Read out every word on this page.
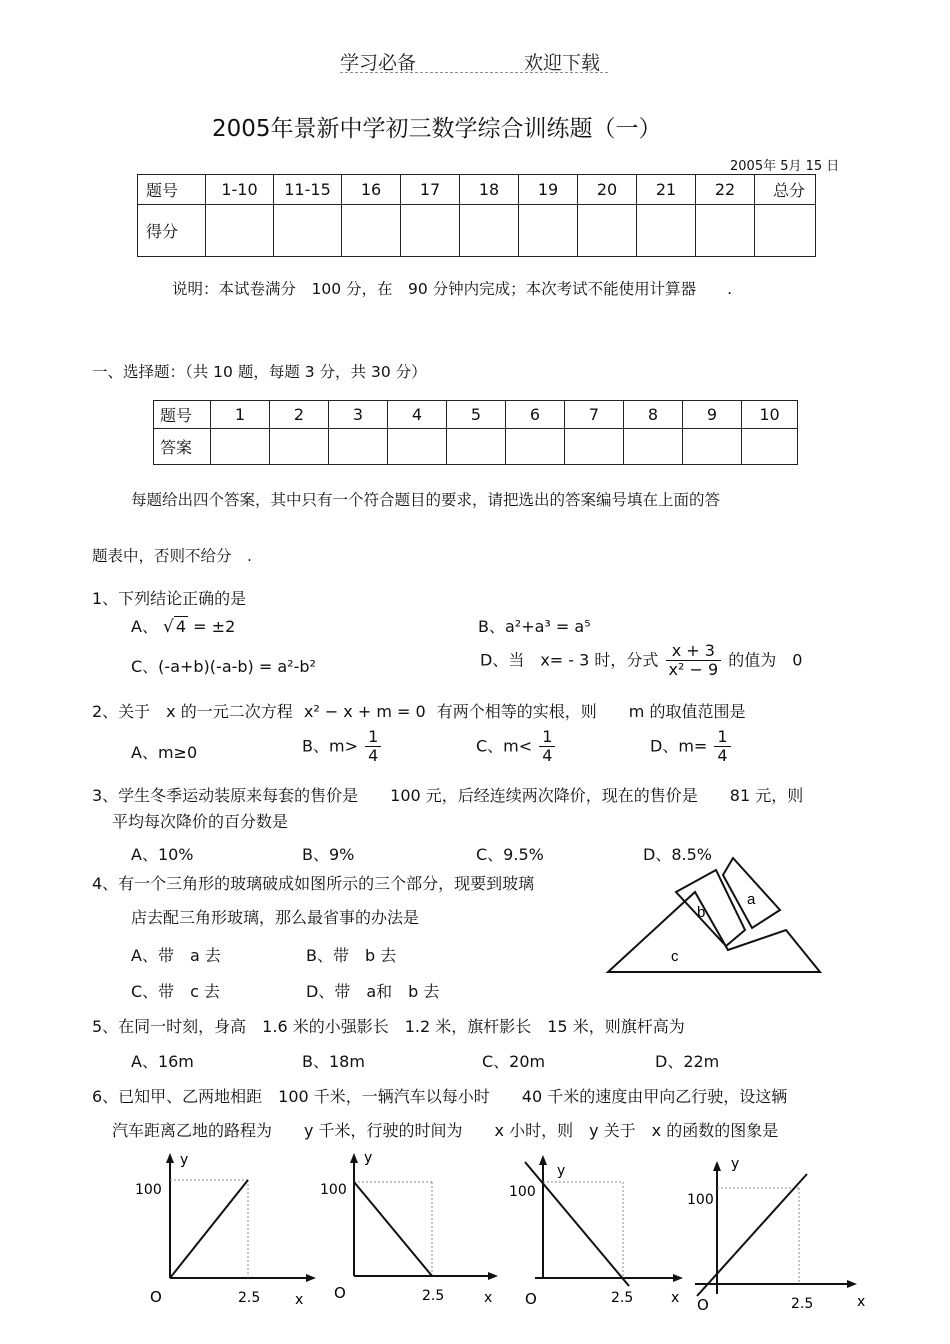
学习必备	欢迎下载
2005年景新中学初三数学综合训练题（一）
2005年 5月 15 日
题号	1-10	11-15	16	17	18	19	20	21	22	总分
得分										
说明：本试卷满分　100 分，在　90 分钟内完成；本次考试不能使用计算器　　.
一、选择题：（共 10 题，每题 3 分，共 30 分）
题号	1	2	3	4	5	6	7	8	9	10
答案										
每题给出四个答案，其中只有一个符合题目的要求，请把选出的答案编号填在上面的答
题表中，否则不给分　.
1、下列结论正确的是
A、 √ 4 = ±2	B、a²+a³ = a⁵
C、(-a+b)(-a-b) = a²-b²	D、当　x= - 3 时，分式 $\frac{x + 3}{\text{x² − 9}}$ 的值为　0
2、关于　x 的一元二次方程 x² − x + m = 0 有两个相等的实根，则　　m 的取值范围是
A、m≥0	B、$m> \frac{1}{4}$	C、$m< \frac{1}{4}$	D、$m= \frac{1}{4}$
3、学生冬季运动装原来每套的售价是　　100 元，后经连续两次降价，现在的售价是　　81 元，则
平均每次降价的百分数是
A、10%	B、9%	C、9.5%	D、8.5%
4、有一个三角形的玻璃破成如图所示的三个部分，现要到玻璃
店去配三角形玻璃，那么最省事的办法是
A、带　a 去	B、带　b 去
C、带　c 去	D、带　a和　b 去
a
b
c
5、在同一时刻，身高　1.6 米的小强影长　1.2 米，旗杆影长　15 米，则旗杆高为
A、16m	B、18m	C、20m	D、22m
6、已知甲、乙两地相距　100 千米，一辆汽车以每小时　　40 千米的速度由甲向乙行驶，设这辆
汽车距离乙地的路程为　　y 千米，行驶的时间为　　x 小时，则　y 关于　x 的函数的图象是
100
y
O	2.5 x
100
y
O	2.5	x
100
y
O	2.5	x
100
y
O	2.5	x
